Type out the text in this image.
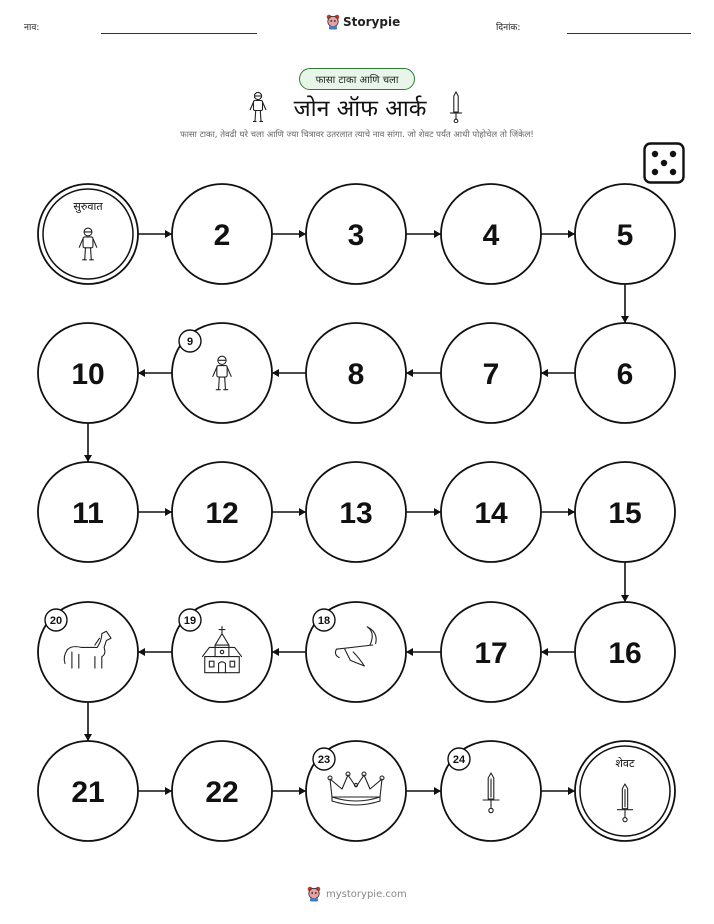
नाव:	Storypie	दिनांक:
फासा टाका आणि चला
जोन ऑफ आर्क
फासा टाका, तेवढी घरे चला आणि ज्या चित्रावर उतरलात त्याचे नाव सांगा. जो शेवट पर्यंत आधी पोहोचेल तो जिंकेल!
सुरुवात
2	3	4	5
6
7
8
9
10
11	12	13	14	15
16
17
18
19
20
21	22
23	24	शेवट
mystorypie.com
